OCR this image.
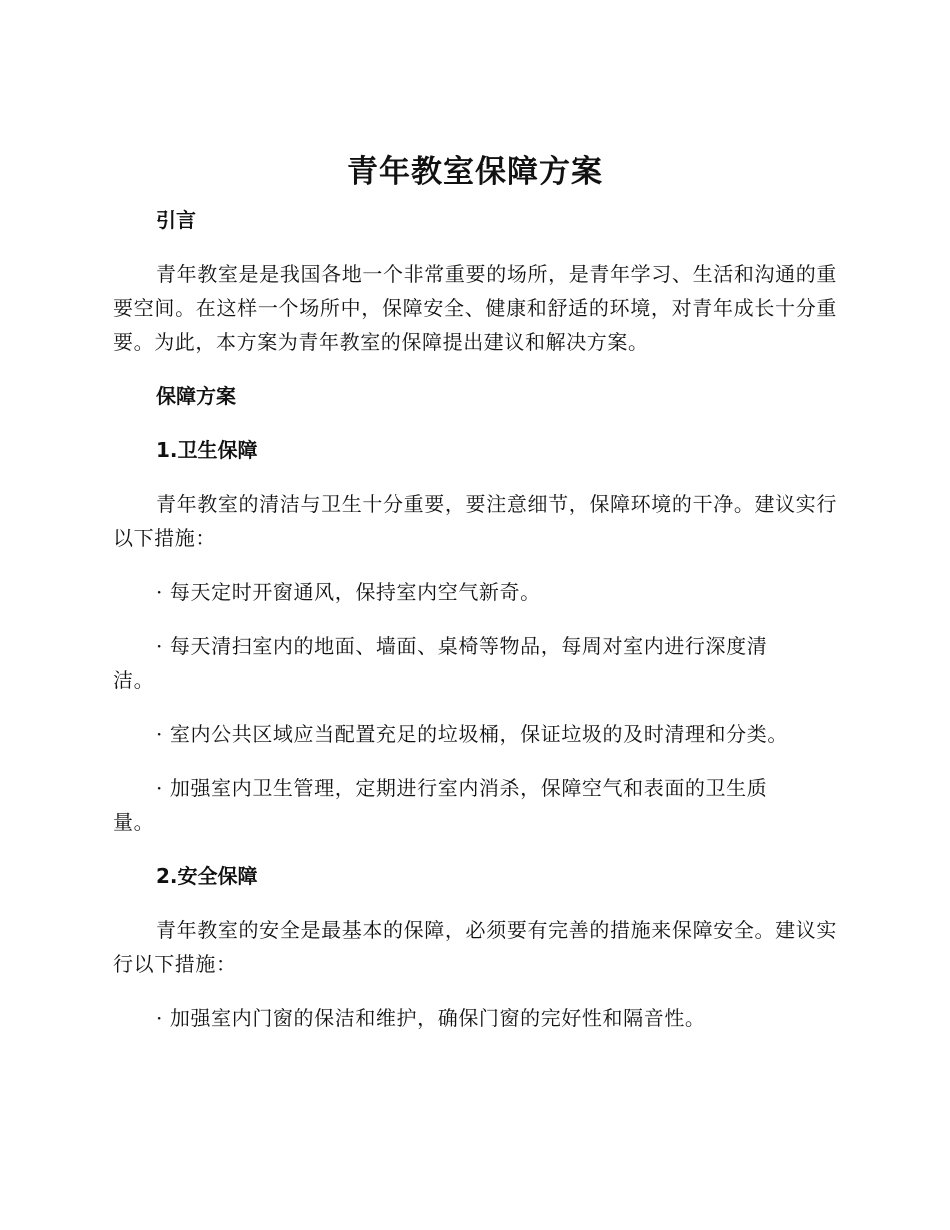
青年教室保障方案

引言

青年教室是是我国各地一个非常重要的场所，是青年学习、生活和沟通的重要空间。在这样一个场所中，保障安全、健康和舒适的环境，对青年成长十分重要。为此，本方案为青年教室的保障提出建议和解决方案。

保障方案

1.卫生保障

青年教室的清洁与卫生十分重要，要注意细节，保障环境的干净。建议实行以下措施：

· 每天定时开窗通风，保持室内空气新奇。

· 每天清扫室内的地面、墙面、桌椅等物品，每周对室内进行深度清洁。

· 室内公共区域应当配置充足的垃圾桶，保证垃圾的及时清理和分类。

· 加强室内卫生管理，定期进行室内消杀，保障空气和表面的卫生质量。

2.安全保障

青年教室的安全是最基本的保障，必须要有完善的措施来保障安全。建议实行以下措施：

· 加强室内门窗的保洁和维护，确保门窗的完好性和隔音性。
